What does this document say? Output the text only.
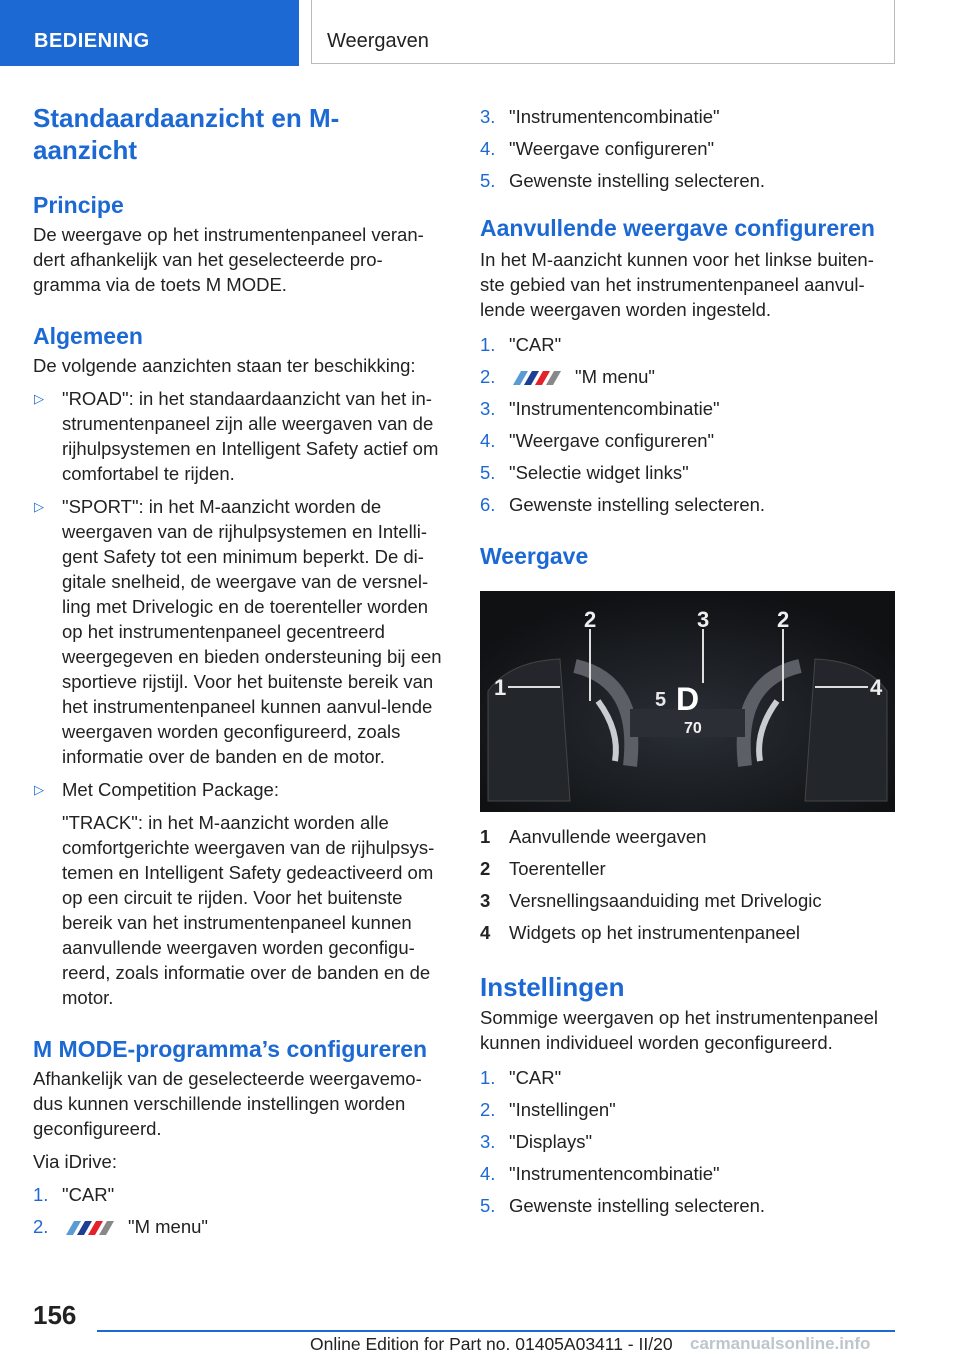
BEDIENING	Weergaven
Standaardaanzicht en M-aanzicht
Principe

De weergave op het instrumentenpaneel veran-dert afhankelijk van het geselecteerde pro-gramma via de toets M MODE.

Algemeen

De volgende aanzichten staan ter beschikking:

▷ "ROAD": in het standaardaanzicht van het in-strumentenpaneel zijn alle weergaven van de rijhulpsystemen en Intelligent Safety actief om comfortabel te rijden.
▷ "SPORT": in het M-aanzicht worden de weergaven van de rijhulpsystemen en Intelli-gent Safety tot een minimum beperkt. De di-gitale snelheid, de weergave van de versnel-ling met Drivelogic en de toerenteller worden op het instrumentenpaneel gecentreerd weergegeven en bieden ondersteuning bij een sportieve rijstijl. Voor het buitenste bereik van het instrumentenpaneel kunnen aanvul-lende weergaven worden geconfigureerd, zoals informatie over de banden en de motor.
▷ Met Competition Package:
"TRACK": in het M-aanzicht worden alle comfortgerichte weergaven van de rijhulpsys-temen en Intelligent Safety gedeactiveerd om op een circuit te rijden. Voor het buitenste bereik van het instrumentenpaneel kunnen aanvullende weergaven worden geconfigu-reerd, zoals informatie over de banden en de motor.
M MODE-programma’s configureren

Afhankelijk van de geselecteerde weergavemo-dus kunnen verschillende instellingen worden geconfigureerd.

Via iDrive:

1. "CAR"
2.	"M menu"
3. "Instrumentencombinatie"
4. "Weergave configureren"
5. Gewenste instelling selecteren.
Aanvullende weergave configureren

In het M-aanzicht kunnen voor het linkse buiten-ste gebied van het instrumentenpaneel aanvul-lende weergaven worden ingesteld.

1. "CAR"
2.	"M menu"
3. "Instrumentencombinatie"
4. "Weergave configureren"
5. "Selectie widget links"
6. Gewenste instelling selecteren.
Weergave
2	3	2
1	4
5 D
70
1 Aanvullende weergaven
2 Toerenteller
3 Versnellingsaanduiding met Drivelogic
4 Widgets op het instrumentenpaneel
Instellingen

Sommige weergaven op het instrumentenpaneel kunnen individueel worden geconfigureerd.

1. "CAR"
2. "Instellingen"
3. "Displays"
4. "Instrumentencombinatie"
5. Gewenste instelling selecteren.
156
Online Edition for Part no. 01405A03411 - II/20 carmanualsonline.info
